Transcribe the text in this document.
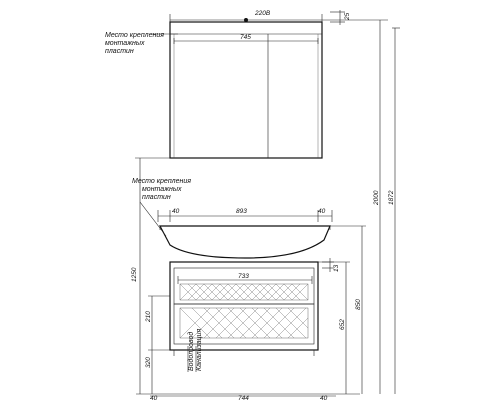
220В	25
745
Место крепления
монтажных
пластин
40	893	40
Место крепления
монтажных
пластин
733
13
Водопровод Канализация
1250
210
320
2000 1872
850
652
40	744	40
